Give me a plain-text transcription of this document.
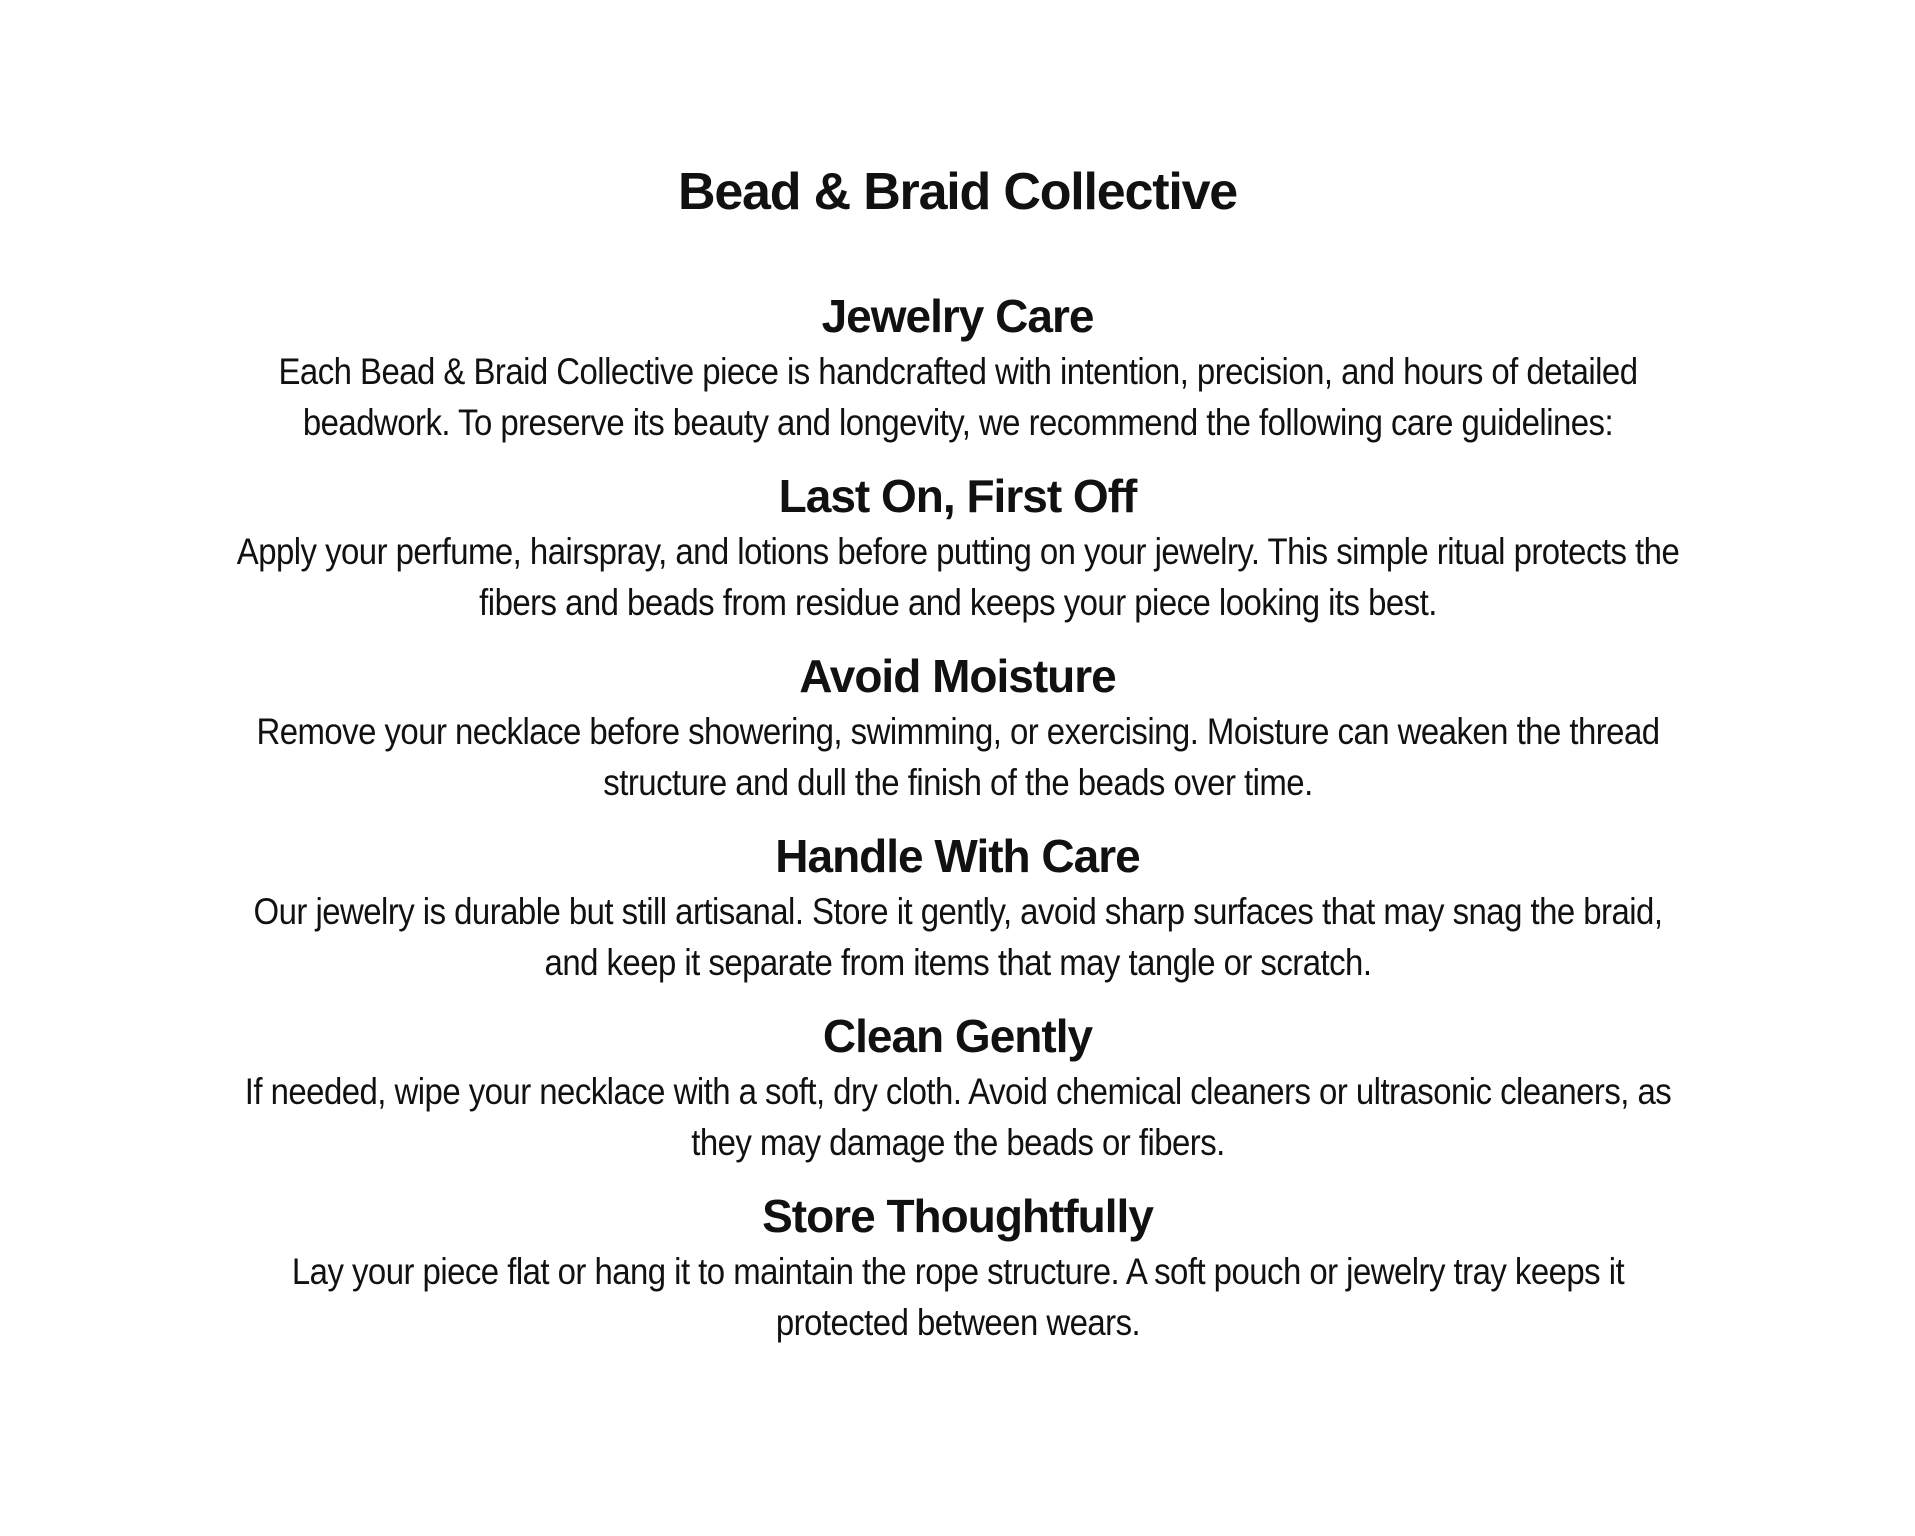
Bead & Braid Collective
Jewelry Care

Each Bead & Braid Collective piece is handcrafted with intention, precision, and hours of detailed beadwork. To preserve its beauty and longevity, we recommend the following care guidelines:

Last On, First Off

Apply your perfume, hairspray, and lotions before putting on your jewelry. This simple ritual protects the fibers and beads from residue and keeps your piece looking its best.

Avoid Moisture

Remove your necklace before showering, swimming, or exercising. Moisture can weaken the thread structure and dull the finish of the beads over time.

Handle With Care

Our jewelry is durable but still artisanal. Store it gently, avoid sharp surfaces that may snag the braid, and keep it separate from items that may tangle or scratch.

Clean Gently

If needed, wipe your necklace with a soft, dry cloth. Avoid chemical cleaners or ultrasonic cleaners, as they may damage the beads or fibers.

Store Thoughtfully

Lay your piece flat or hang it to maintain the rope structure. A soft pouch or jewelry tray keeps it protected between wears.
